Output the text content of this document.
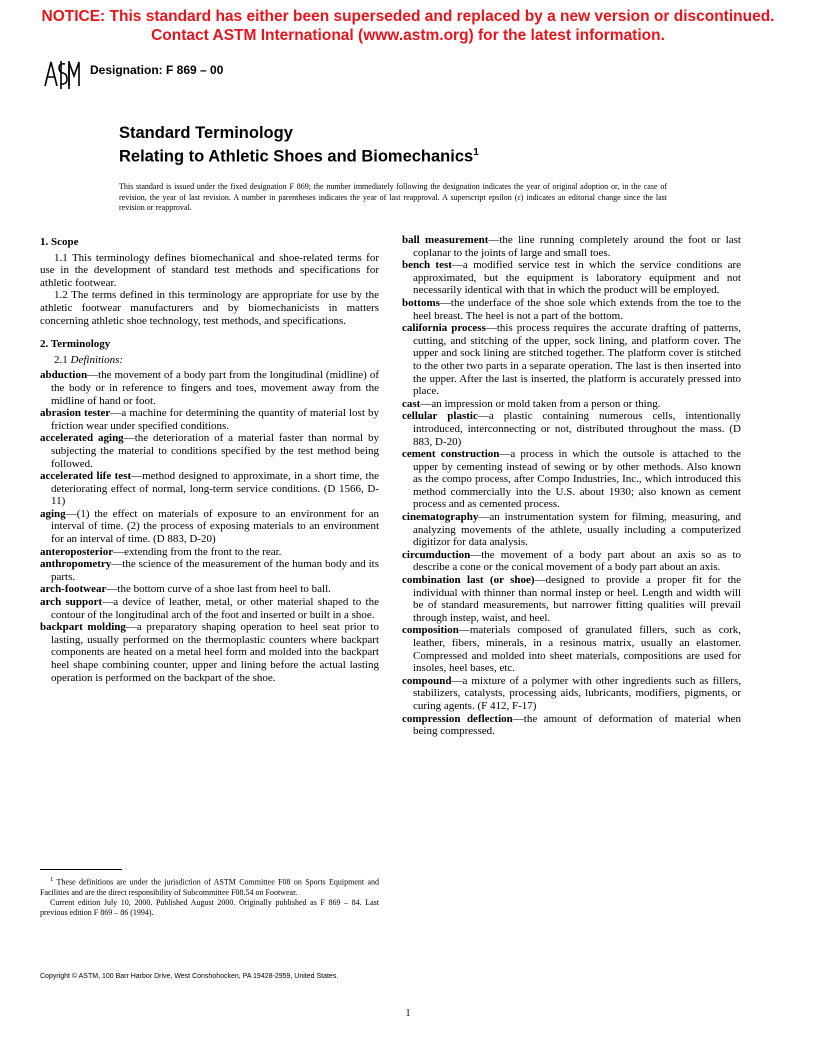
NOTICE: This standard has either been superseded and replaced by a new version or discontinued.
Contact ASTM International (www.astm.org) for the latest information.
Designation: F 869 – 00
Standard Terminology
Relating to Athletic Shoes and Biomechanics$^1$
This standard is issued under the fixed designation F 869; the number immediately following the designation indicates the year of original adoption or, in the case of revision, the year of last revision. A number in parentheses indicates the year of last reapproval. A superscript epsilon (ε) indicates an editorial change since the last revision or reapproval.
1. Scope
1.1 This terminology defines biomechanical and shoe-related terms for use in the development of standard test methods and specifications for athletic footwear.
1.2 The terms defined in this terminology are appropriate for use by the athletic footwear manufacturers and by biomechanicists in matters concerning athletic shoe technology, test methods, and specifications.
2. Terminology
2.1 Definitions:
abduction—the movement of a body part from the longitudinal (midline) of the body or in reference to fingers and toes, movement away from the midline of hand or foot.
abrasion tester—a machine for determining the quantity of material lost by friction wear under specified conditions.
accelerated aging—the deterioration of a material faster than normal by subjecting the material to conditions specified by the test method being followed.
accelerated life test—method designed to approximate, in a short time, the deteriorating effect of normal, long-term service conditions. (D 1566, D-11)
aging—(1) the effect on materials of exposure to an environment for an interval of time. (2) the process of exposing materials to an environment for an interval of time. (D 883, D-20)
anteroposterior—extending from the front to the rear.
anthropometry—the science of the measurement of the human body and its parts.
arch-footwear—the bottom curve of a shoe last from heel to ball.
arch support—a device of leather, metal, or other material shaped to the contour of the longitudinal arch of the foot and inserted or built in a shoe.
backpart molding—a preparatory shaping operation to heel seat prior to lasting, usually performed on the thermoplastic counters where backpart components are heated on a metal heel form and molded into the backpart heel shape combining counter, upper and lining before the actual lasting operation is performed on the backpart of the shoe.
ball measurement—the line running completely around the foot or last coplanar to the joints of large and small toes.
bench test—a modified service test in which the service conditions are approximated, but the equipment is laboratory equipment and not necessarily identical with that in which the product will be employed.
bottoms—the underface of the shoe sole which extends from the toe to the heel breast. The heel is not a part of the bottom.
california process—this process requires the accurate drafting of patterns, cutting, and stitching of the upper, sock lining, and platform cover. The upper and sock lining are stitched together. The platform cover is stitched to the other two parts in a separate operation. The last is then inserted into the upper. After the last is inserted, the platform is accurately pressed into place.
cast—an impression or mold taken from a person or thing.
cellular plastic—a plastic containing numerous cells, intentionally introduced, interconnecting or not, distributed throughout the mass. (D 883, D-20)
cement construction—a process in which the outsole is attached to the upper by cementing instead of sewing or by other methods. Also known as the compo process, after Compo Industries, Inc., which introduced this method commercially into the U.S. about 1930; also known as cement process and as cemented process.
cinematography—an instrumentation system for filming, measuring, and analyzing movements of the athlete, usually including a computerized digitizor for data analysis.
circumduction—the movement of a body part about an axis so as to describe a cone or the conical movement of a body part about an axis.
combination last (or shoe)—designed to provide a proper fit for the individual with thinner than normal instep or heel. Length and width will be of standard measurements, but narrower fitting qualities will prevail through instep, waist, and heel.
composition—materials composed of granulated fillers, such as cork, leather, fibers, minerals, in a resinous matrix, usually an elastomer. Compressed and molded into sheet materials, compositions are used for insoles, heel bases, etc.
compound—a mixture of a polymer with other ingredients such as fillers, stabilizers, catalysts, processing aids, lubricants, modifiers, pigments, or curing agents. (F 412, F-17)
compression deflection—the amount of deformation of material when being compressed.
$^1$ These definitions are under the jurisdiction of ASTM Committee F08 on Sports Equipment and Facilities and are the direct responsibility of Subcommittee F08.54 on Footwear.
Current edition July 10, 2000. Published August 2000. Originally published as F 869 – 84. Last previous edition F 869 – 86 (1994).
Copyright © ASTM, 100 Barr Harbor Drive, West Conshohocken, PA 19428-2959, United States.
1
